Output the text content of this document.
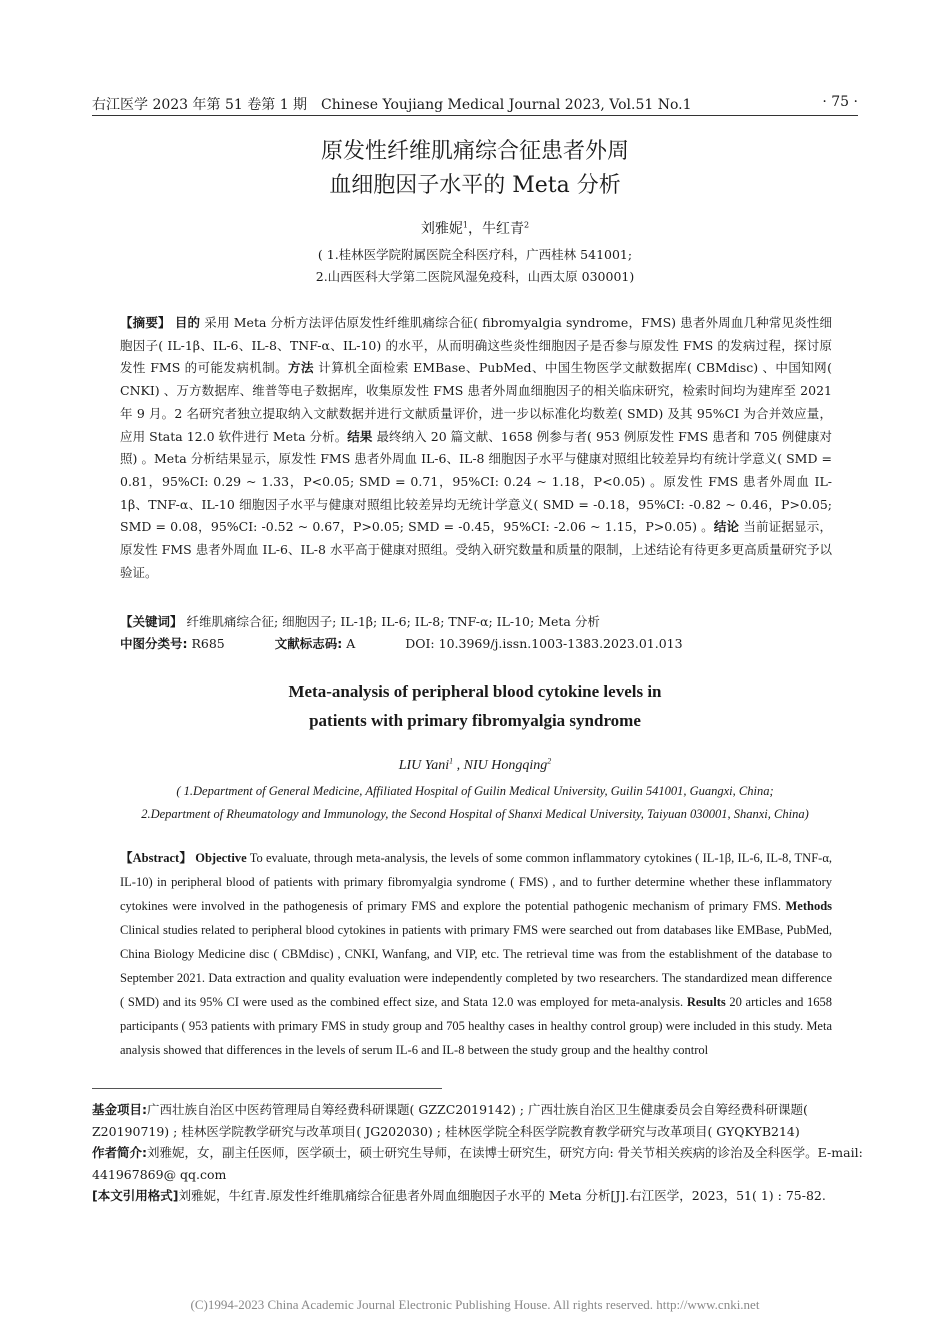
右江医学 2023 年第 51 卷第 1 期　Chinese Youjiang Medical Journal 2023, Vol.51 No.1	· 75 ·
原发性纤维肌痛综合征患者外周
血细胞因子水平的 Meta 分析
刘雅妮$^1$，牛红青$^2$
( 1.桂林医学院附属医院全科医疗科，广西桂林 541001;
2.山西医科大学第二医院风湿免疫科，山西太原 030001)
【摘要】 目的 采用 Meta 分析方法评估原发性纤维肌痛综合征( fibromyalgia syndrome，FMS) 患者外周血几种常见炎性细胞因子( IL-1β、IL-6、IL-8、TNF-α、IL-10) 的水平，从而明确这些炎性细胞因子是否参与原发性 FMS 的发病过程，探讨原发性 FMS 的可能发病机制。方法 计算机全面检索 EMBase、PubMed、中国生物医学文献数据库( CBMdisc) 、中国知网( CNKI) 、万方数据库、维普等电子数据库，收集原发性 FMS 患者外周血细胞因子的相关临床研究，检索时间均为建库至 2021 年 9 月。2 名研究者独立提取纳入文献数据并进行文献质量评价，进一步以标准化均数差( SMD) 及其 95%CI 为合并效应量，应用 Stata 12.0 软件进行 Meta 分析。结果 最终纳入 20 篇文献、1658 例参与者( 953 例原发性 FMS 患者和 705 例健康对照) 。Meta 分析结果显示，原发性 FMS 患者外周血 IL-6、IL-8 细胞因子水平与健康对照组比较差异均有统计学意义( SMD = 0.81，95%CI: 0.29 ~ 1.33，P<0.05; SMD = 0.71，95%CI: 0.24 ~ 1.18，P<0.05) 。原发性 FMS 患者外周血 IL-1β、TNF-α、IL-10 细胞因子水平与健康对照组比较差异均无统计学意义( SMD = -0.18，95%CI: -0.82 ~ 0.46，P>0.05; SMD = 0.08，95%CI: -0.52 ~ 0.67，P>0.05; SMD = -0.45，95%CI: -2.06 ~ 1.15，P>0.05) 。结论 当前证据显示，原发性 FMS 患者外周血 IL-6、IL-8 水平高于健康对照组。受纳入研究数量和质量的限制，上述结论有待更多更高质量研究予以验证。
【关键词】 纤维肌痛综合征; 细胞因子; IL-1β; IL-6; IL-8; TNF-α; IL-10; Meta 分析
中图分类号: R685	文献标志码: A	DOI: 10.3969/j.issn.1003-1383.2023.01.013
Meta-analysis of peripheral blood cytokine levels in
patients with primary fibromyalgia syndrome
LIU Yani$^1$ , NIU Hongqing$^2$
( 1.Department of General Medicine, Affiliated Hospital of Guilin Medical University, Guilin 541001, Guangxi, China;
2.Department of Rheumatology and Immunology, the Second Hospital of Shanxi Medical University, Taiyuan 030001, Shanxi, China)
【Abstract】 Objective To evaluate, through meta-analysis, the levels of some common inflammatory cytokines ( IL-1β, IL-6, IL-8, TNF-α, IL-10) in peripheral blood of patients with primary fibromyalgia syndrome ( FMS) , and to further determine whether these inflammatory cytokines were involved in the pathogenesis of primary FMS and explore the potential pathogenic mechanism of primary FMS. Methods Clinical studies related to peripheral blood cytokines in patients with primary FMS were searched out from databases like EMBase, PubMed, China Biology Medicine disc ( CBMdisc) , CNKI, Wanfang, and VIP, etc. The retrieval time was from the establishment of the database to September 2021. Data extraction and quality evaluation were independently completed by two researchers. The standardized mean difference ( SMD) and its 95% CI were used as the combined effect size, and Stata 12.0 was employed for meta-analysis. Results 20 articles and 1658 participants ( 953 patients with primary FMS in study group and 705 healthy cases in healthy control group) were included in this study. Meta analysis showed that differences in the levels of serum IL-6 and IL-8 between the study group and the healthy control
基金项目:广西壮族自治区中医药管理局自筹经费科研课题( GZZC2019142) ; 广西壮族自治区卫生健康委员会自筹经费科研课题( Z20190719) ; 桂林医学院教学研究与改革项目( JG202030) ; 桂林医学院全科医学院教育教学研究与改革项目( GYQKYB214)
作者简介:刘雅妮，女，副主任医师，医学硕士，硕士研究生导师，在读博士研究生，研究方向: 骨关节相关疾病的诊治及全科医学。E-mail: 441967869@ qq.com
[本文引用格式]刘雅妮，牛红青.原发性纤维肌痛综合征患者外周血细胞因子水平的 Meta 分析[J].右江医学，2023，51( 1) : 75-82.
(C)1994-2023 China Academic Journal Electronic Publishing House. All rights reserved. http://www.cnki.net
